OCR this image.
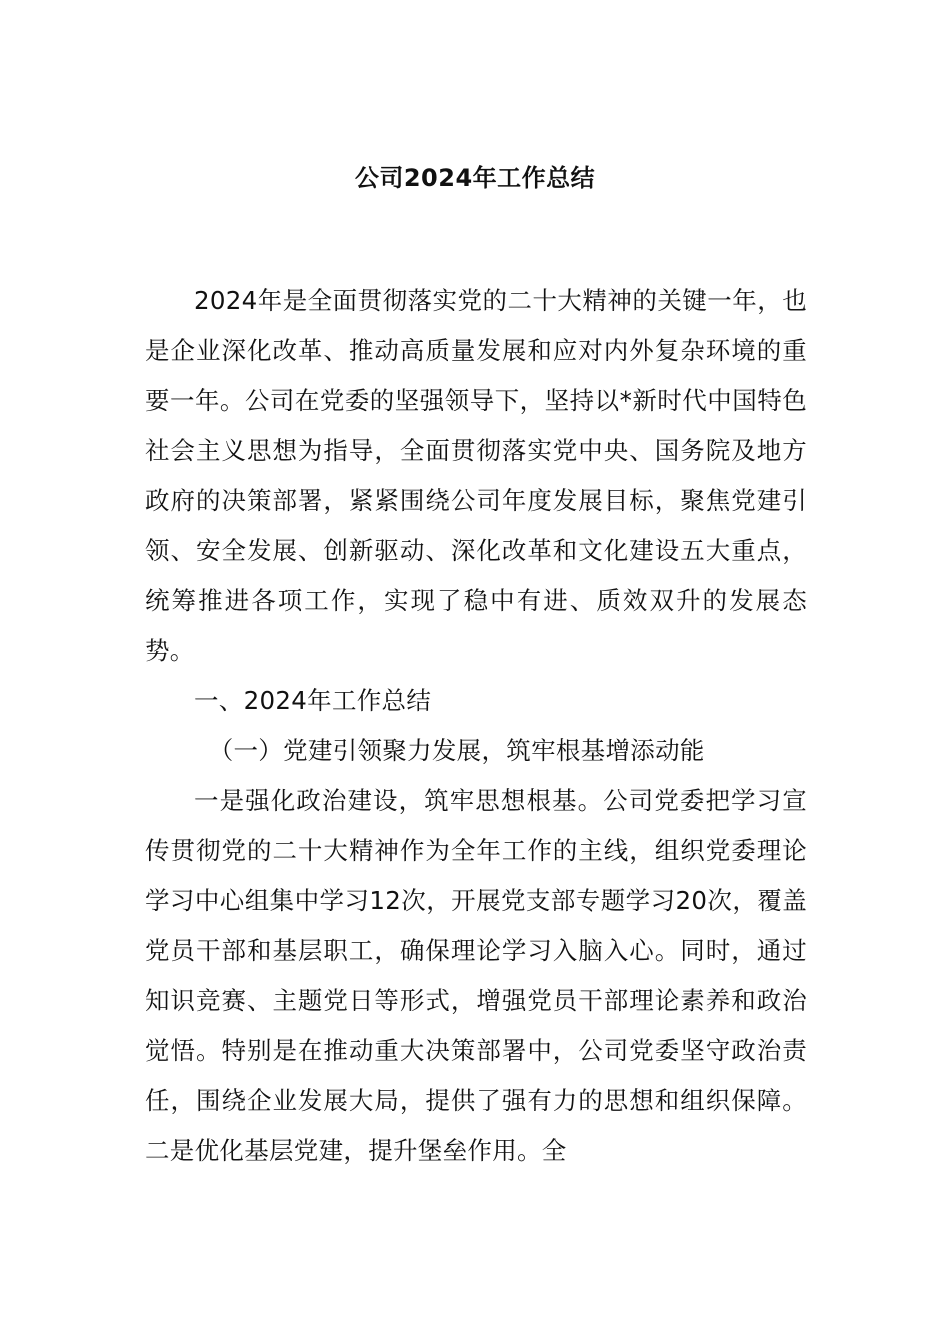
公司2024年工作总结

2024年是全面贯彻落实党的二十大精神的关键一年，也是企业深化改革、推动高质量发展和应对内外复杂环境的重要一年。公司在党委的坚强领导下，坚持以*新时代中国特色社会主义思想为指导，全面贯彻落实党中央、国务院及地方政府的决策部署，紧紧围绕公司年度发展目标，聚焦党建引领、安全发展、创新驱动、深化改革和文化建设五大重点，统筹推进各项工作，实现了稳中有进、质效双升的发展态势。

一、2024年工作总结

（一）党建引领聚力发展，筑牢根基增添动能

一是强化政治建设，筑牢思想根基。公司党委把学习宣传贯彻党的二十大精神作为全年工作的主线，组织党委理论学习中心组集中学习12次，开展党支部专题学习20次，覆盖党员干部和基层职工，确保理论学习入脑入心。同时，通过知识竞赛、主题党日等形式，增强党员干部理论素养和政治觉悟。特别是在推动重大决策部署中，公司党委坚守政治责任，围绕企业发展大局，提供了强有力的思想和组织保障。二是优化基层党建，提升堡垒作用。全
